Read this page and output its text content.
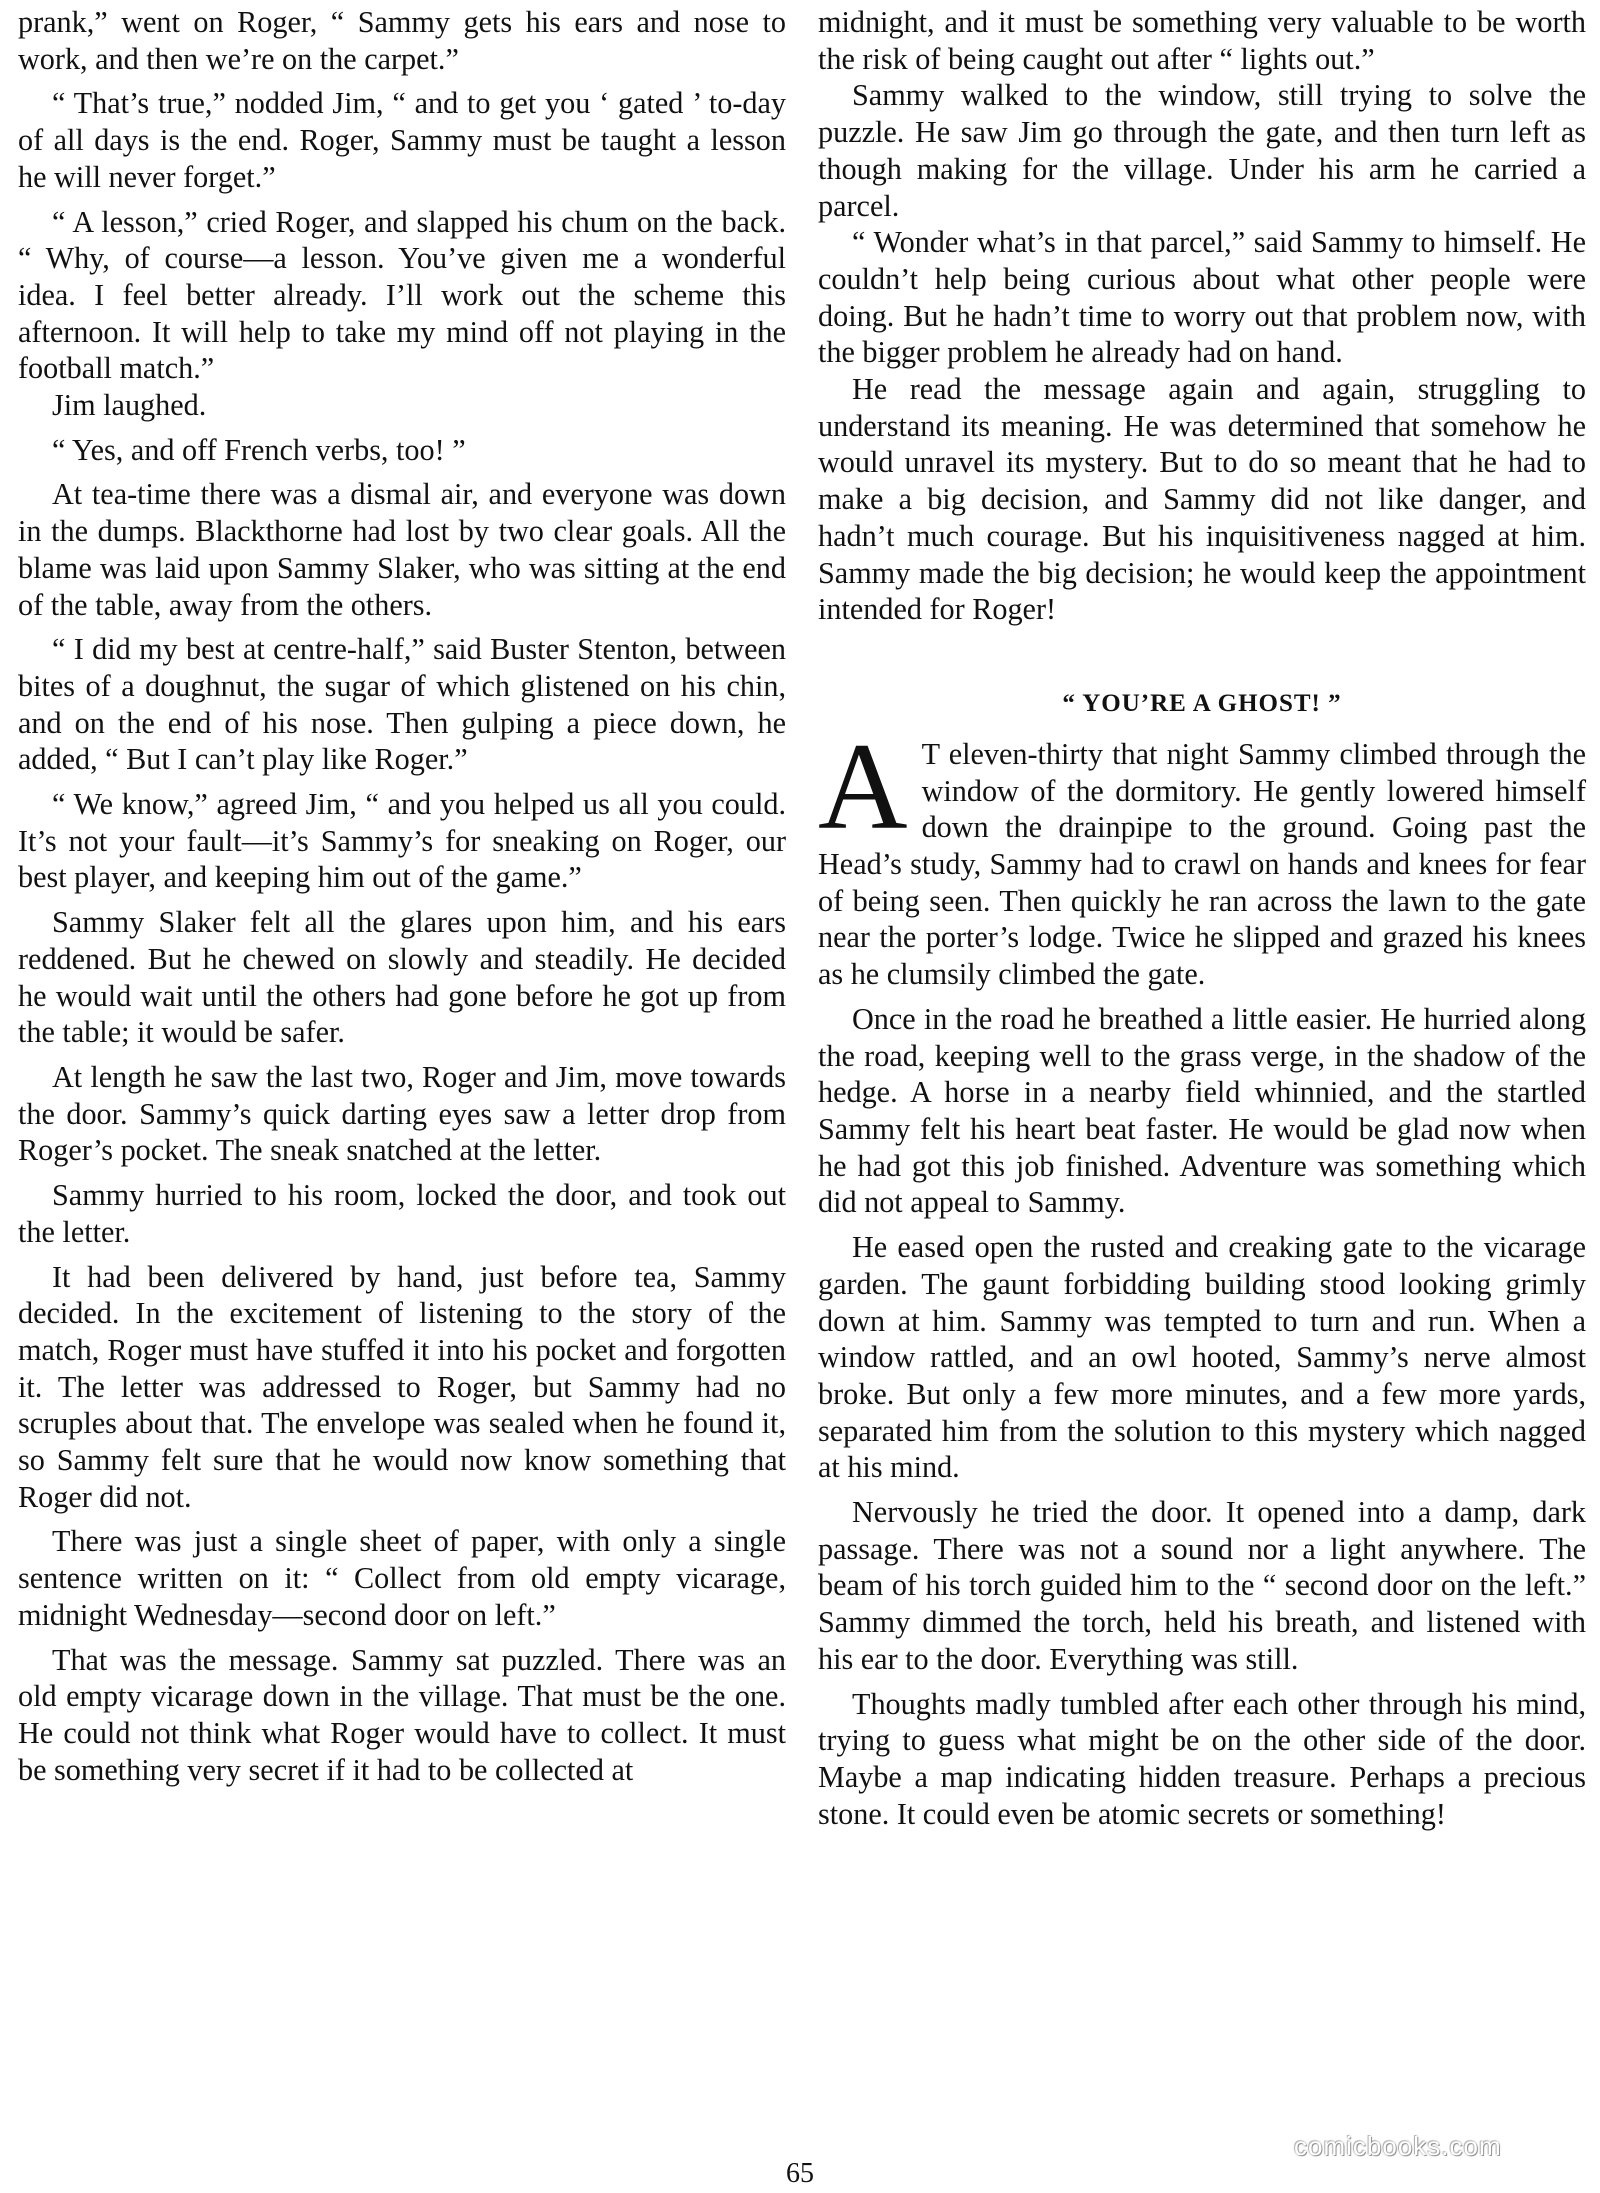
prank,” went on Roger, “ Sammy gets his ears and nose to work, and then we’re on the carpet.”

“ That’s true,” nodded Jim, “ and to get you ‘ gated ’ to-day of all days is the end. Roger, Sammy must be taught a lesson he will never forget.”

“ A lesson,” cried Roger, and slapped his chum on the back. “ Why, of course—a lesson. You’ve given me a wonderful idea. I feel better already. I’ll work out the scheme this afternoon. It will help to take my mind off not playing in the football match.”

Jim laughed.

“ Yes, and off French verbs, too! ”

At tea-time there was a dismal air, and everyone was down in the dumps. Blackthorne had lost by two clear goals. All the blame was laid upon Sammy Slaker, who was sitting at the end of the table, away from the others.

“ I did my best at centre-half,” said Buster Stenton, between bites of a doughnut, the sugar of which glistened on his chin, and on the end of his nose. Then gulping a piece down, he added, “ But I can’t play like Roger.”

“ We know,” agreed Jim, “ and you helped us all you could. It’s not your fault—it’s Sammy’s for sneaking on Roger, our best player, and keeping him out of the game.”

Sammy Slaker felt all the glares upon him, and his ears reddened. But he chewed on slowly and steadily. He decided he would wait until the others had gone before he got up from the table; it would be safer.

At length he saw the last two, Roger and Jim, move towards the door. Sammy’s quick darting eyes saw a letter drop from Roger’s pocket. The sneak snatched at the letter.

Sammy hurried to his room, locked the door, and took out the letter.

It had been delivered by hand, just before tea, Sammy decided. In the excitement of listening to the story of the match, Roger must have stuffed it into his pocket and forgotten it. The letter was addressed to Roger, but Sammy had no scruples about that. The envelope was sealed when he found it, so Sammy felt sure that he would now know something that Roger did not.

There was just a single sheet of paper, with only a single sentence written on it: “ Collect from old empty vicarage, midnight Wednesday—second door on left.”

That was the message. Sammy sat puzzled. There was an old empty vicarage down in the village. That must be the one. He could not think what Roger would have to collect. It must be something very secret if it had to be collected at

midnight, and it must be something very valuable to be worth the risk of being caught out after “ lights out.”

Sammy walked to the window, still trying to solve the puzzle. He saw Jim go through the gate, and then turn left as though making for the village. Under his arm he carried a parcel.

“ Wonder what’s in that parcel,” said Sammy to himself. He couldn’t help being curious about what other people were doing. But he hadn’t time to worry out that problem now, with the bigger problem he already had on hand.

He read the message again and again, struggling to understand its meaning. He was determined that somehow he would unravel its mystery. But to do so meant that he had to make a big decision, and Sammy did not like danger, and hadn’t much courage. But his inquisitiveness nagged at him. Sammy made the big decision; he would keep the appointment intended for Roger!

“ YOU’RE A GHOST! ”

A T eleven-thirty that night Sammy climbed through the window of the dormitory. He gently lowered himself down the drainpipe to the ground. Going past the Head’s study, Sammy had to crawl on hands and knees for fear of being seen. Then quickly he ran across the lawn to the gate near the porter’s lodge. Twice he slipped and grazed his knees as he clumsily climbed the gate.

Once in the road he breathed a little easier. He hurried along the road, keeping well to the grass verge, in the shadow of the hedge. A horse in a nearby field whinnied, and the startled Sammy felt his heart beat faster. He would be glad now when he had got this job finished. Adventure was something which did not appeal to Sammy.

He eased open the rusted and creaking gate to the vicarage garden. The gaunt forbidding building stood looking grimly down at him. Sammy was tempted to turn and run. When a window rattled, and an owl hooted, Sammy’s nerve almost broke. But only a few more minutes, and a few more yards, separated him from the solution to this mystery which nagged at his mind.

Nervously he tried the door. It opened into a damp, dark passage. There was not a sound nor a light anywhere. The beam of his torch guided him to the “ second door on the left.” Sammy dimmed the torch, held his breath, and listened with his ear to the door. Everything was still.

Thoughts madly tumbled after each other through his mind, trying to guess what might be on the other side of the door. Maybe a map indicating hidden treasure. Perhaps a precious stone. It could even be atomic secrets or something!

comicbooks.com
65
